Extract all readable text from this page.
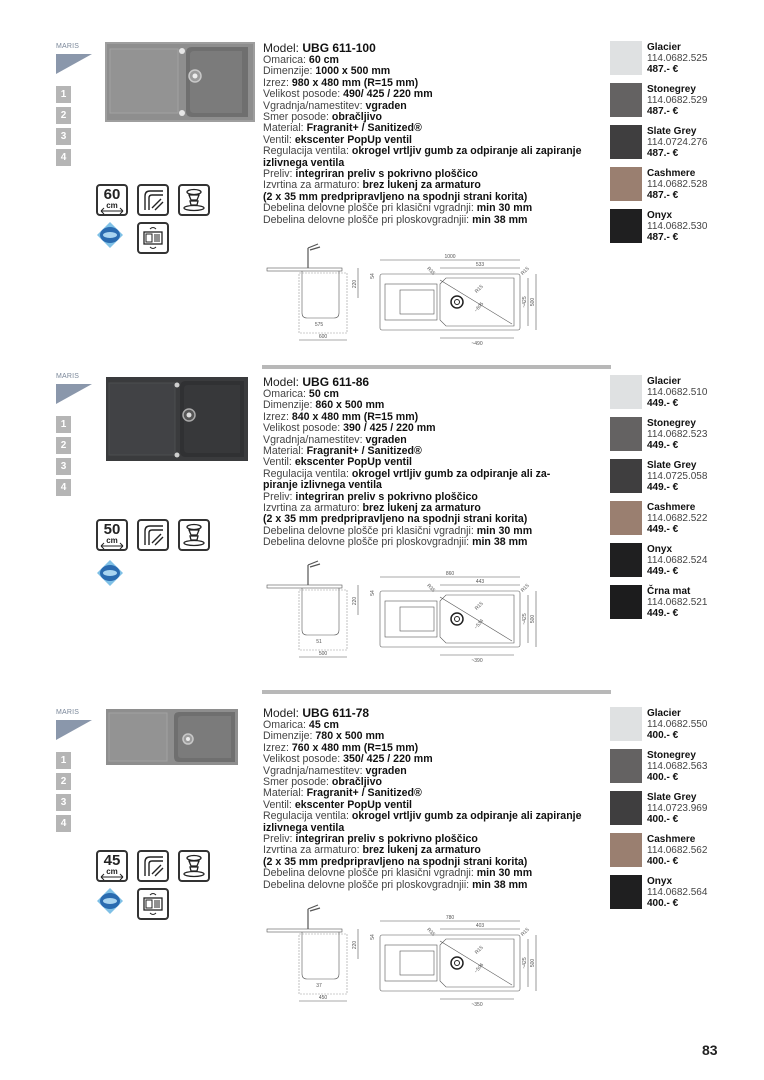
MARIS
1
2
3
4
60
cm
Model: UBG 611-100
Omarica: 60 cm
Dimenzije: 1000 x 500 mm
Izrez: 980 x 480 mm (R=15 mm)
Velikost posode: 490/ 425 / 220 mm
Vgradnja/namestitev: vgraden
Smer posode: obračljivo
Material: Fragranit+ / Sanitized®
Ventil: ekscenter PopUp ventil
Regulacija ventila: okrogel vrtljiv gumb za odpiranje ali zapiranje izlivnega ventila
Preliv: integriran preliv s pokrivno ploščico
Izvrtina za armaturo: brez lukenj za armaturo
(2 x 35 mm predpripravljeno na spodnji strani korita)
Debelina delovne plošče pri klasični vgradnji: min 30 mm
Debelina delovne plošče pri ploskovgradnjii: min 38 mm
Glacier
114.0682.525
487.- €
Stonegrey
114.0682.529
487.- €
Slate Grey
114.0724.276
487.- €
Cashmere
114.0682.528
487.- €
Onyx
114.0682.530
487.- €
600
220
575
1000
533
R35	R15
R15
54
~425 500
~605
~490
MARIS
1
2
3
4
50
cm
Model: UBG 611-86
Omarica: 50 cm
Dimenzije: 860 x 500 mm
Izrez: 840 x 480 mm (R=15 mm)
Velikost posode: 390 / 425 / 220 mm
Vgradnja/namestitev: vgraden
Material: Fragranit+ / Sanitized®
Ventil: ekscenter PopUp ventil
Regulacija ventila: okrogel vrtljiv gumb za odpiranje ali za-piranje izlivnega ventila
Preliv: integriran preliv s pokrivno ploščico
Izvrtina za armaturo: brez lukenj za armaturo
(2 x 35 mm predpripravljeno na spodnji strani korita)
Debelina delovne plošče pri klasični vgradnji: min 30 mm
Debelina delovne plošče pri ploskovgradnjii: min 38 mm
Glacier
114.0682.510
449.- €
Stonegrey
114.0682.523
449.- €
Slate Grey
114.0725.058
449.- €
Cashmere
114.0682.522
449.- €
Onyx
114.0682.524
449.- €
Črna mat
114.0682.521
449.- €
500
220
51
860
443
R35	R15
R15
54
~425 500
~534
~390
MARIS
1
2
3
4
45
cm
Model: UBG 611-78
Omarica: 45 cm
Dimenzije: 780 x 500 mm
Izrez: 760 x 480 mm (R=15 mm)
Velikost posode: 350/ 425 / 220 mm
Vgradnja/namestitev: vgraden
Smer posode: obračljivo
Material: Fragranit+ / Sanitized®
Ventil: ekscenter PopUp ventil
Regulacija ventila: okrogel vrtljiv gumb za odpiranje ali zapiranje izlivnega ventila
Preliv: integriran preliv s pokrivno ploščico
Izvrtina za armaturo: brez lukenj za armaturo
(2 x 35 mm predpripravljeno na spodnji strani korita)
Debelina delovne plošče pri klasični vgradnji: min 30 mm
Debelina delovne plošče pri ploskovgradnjii: min 38 mm
Glacier
114.0682.550
400.- €
Stonegrey
114.0682.563
400.- €
Slate Grey
114.0723.969
400.- €
Cashmere
114.0682.562
400.- €
Onyx
114.0682.564
400.- €
450
220
37
780
403
R35	R15
R15
54
~425 500
~506
~350
83
